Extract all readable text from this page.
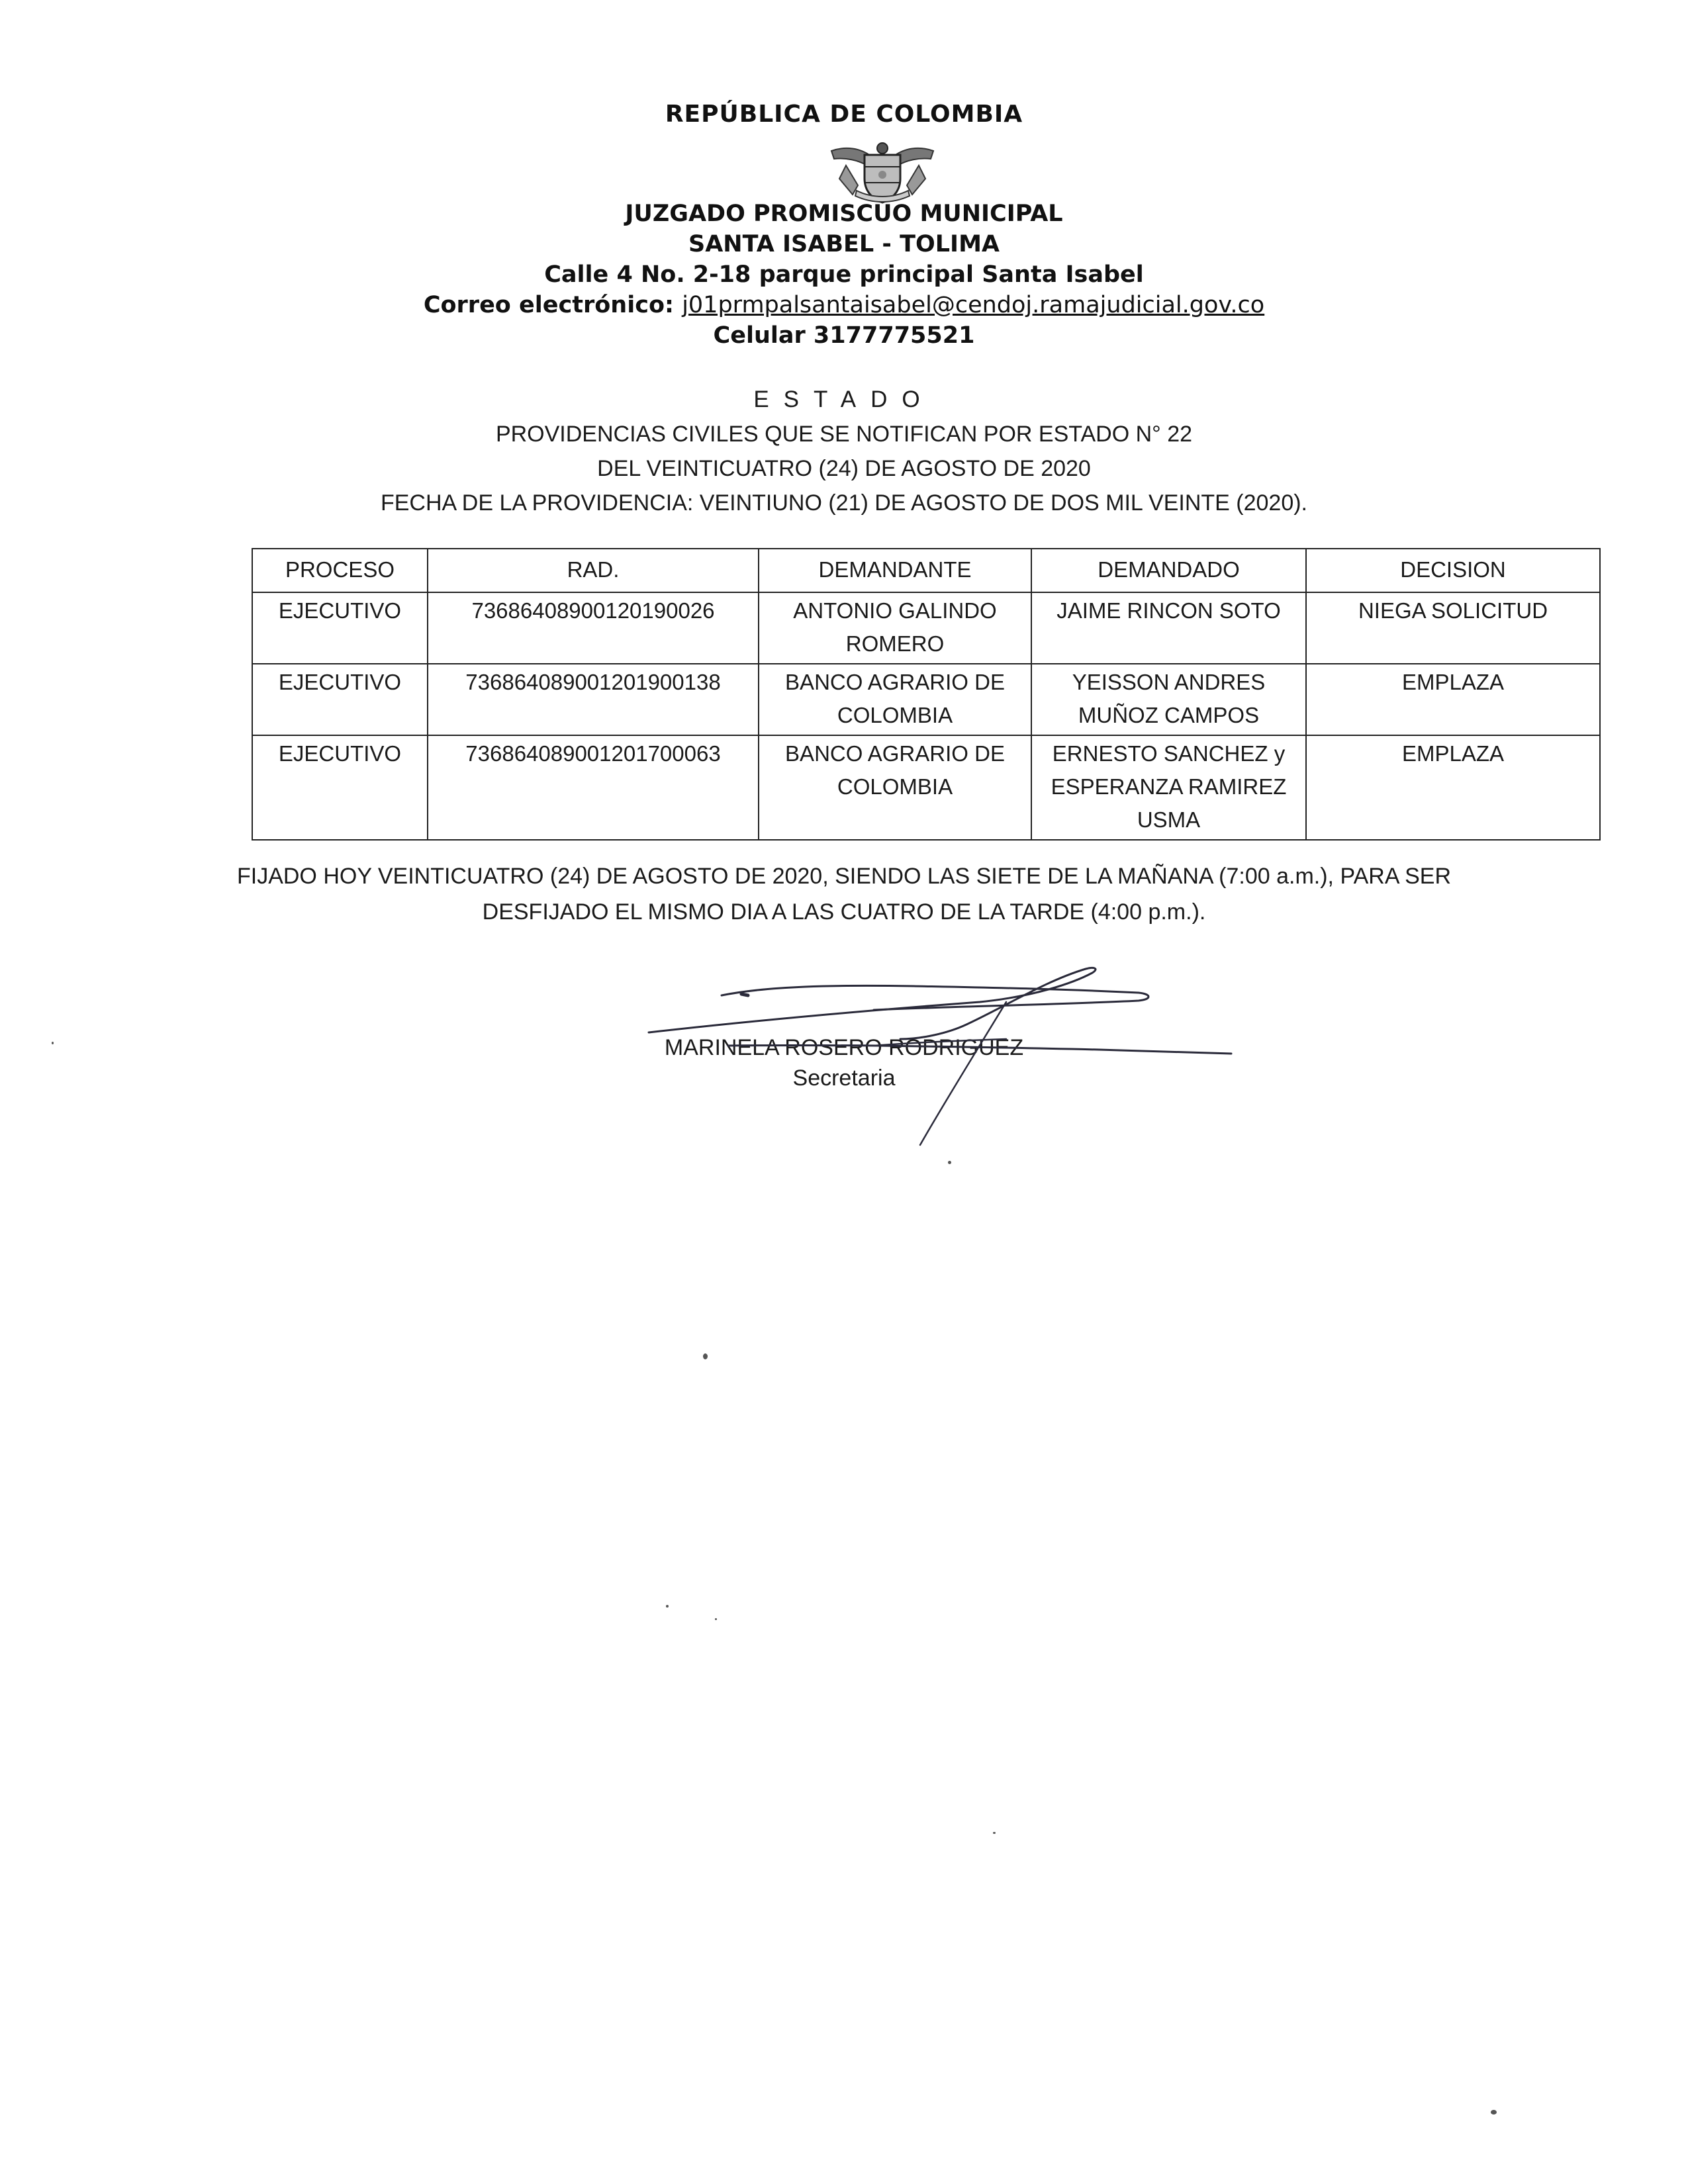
REPÚBLICA DE COLOMBIA
JUZGADO PROMISCUO MUNICIPAL
SANTA ISABEL - TOLIMA
Calle 4 No. 2-18 parque principal Santa Isabel
Correo electrónico: j01prmpalsantaisabel@cendoj.ramajudicial.gov.co
Celular 3177775521
ESTADO
PROVIDENCIAS CIVILES QUE SE NOTIFICAN POR ESTADO N° 22
DEL VEINTICUATRO (24) DE AGOSTO DE 2020
FECHA DE LA PROVIDENCIA: VEINTIUNO (21) DE AGOSTO DE DOS MIL VEINTE (2020).
PROCESO	RAD.	DEMANDANTE	DEMANDADO	DECISION
EJECUTIVO	73686408900120190026	ANTONIO GALINDO ROMERO	JAIME RINCON SOTO	NIEGA SOLICITUD
EJECUTIVO	736864089001201900138	BANCO AGRARIO DE COLOMBIA	YEISSON ANDRES MUÑOZ CAMPOS	EMPLAZA
EJECUTIVO	736864089001201700063	BANCO AGRARIO DE COLOMBIA	ERNESTO SANCHEZ y ESPERANZA RAMIREZ USMA	EMPLAZA
FIJADO HOY VEINTICUATRO (24) DE AGOSTO DE 2020, SIENDO LAS SIETE DE LA MAÑANA (7:00 a.m.), PARA SER
DESFIJADO EL MISMO DIA A LAS CUATRO DE LA TARDE (4:00 p.m.).
MARINELA ROSERO RODRIGUEZ
Secretaria
